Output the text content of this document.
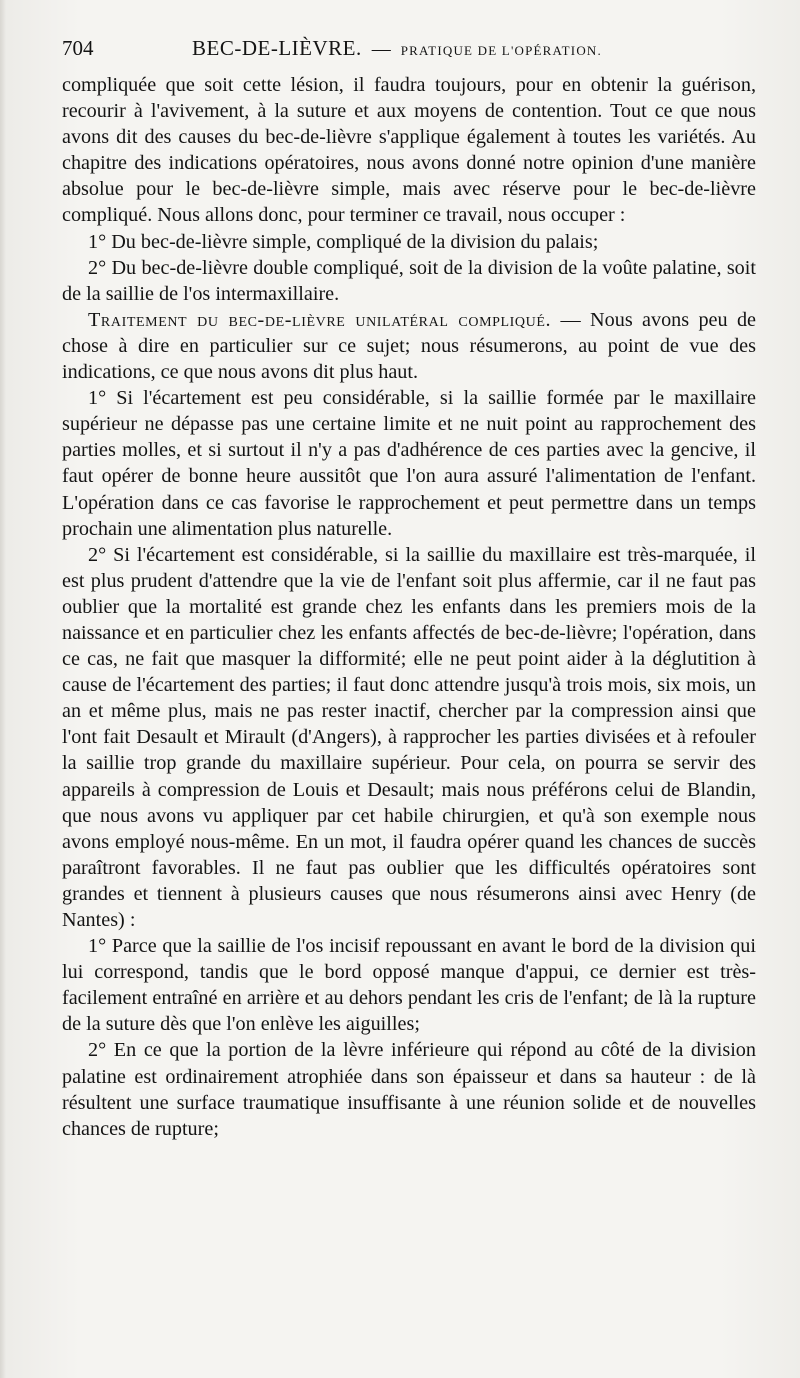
704	BEC-DE-LIÈVRE. — PRATIQUE DE L'OPÉRATION.

compliquée que soit cette lésion, il faudra toujours, pour en obtenir la guérison, recourir à l'avivement, à la suture et aux moyens de contention. Tout ce que nous avons dit des causes du bec-de-lièvre s'applique également à toutes les variétés. Au chapitre des indications opératoires, nous avons donné notre opinion d'une manière absolue pour le bec-de-lièvre simple, mais avec réserve pour le bec-de-lièvre compliqué. Nous allons donc, pour terminer ce travail, nous occuper :

1° Du bec-de-lièvre simple, compliqué de la division du palais;

2° Du bec-de-lièvre double compliqué, soit de la division de la voûte palatine, soit de la saillie de l'os intermaxillaire.

Traitement du bec-de-lièvre unilatéral compliqué. — Nous avons peu de chose à dire en particulier sur ce sujet; nous résumerons, au point de vue des indications, ce que nous avons dit plus haut.

1° Si l'écartement est peu considérable, si la saillie formée par le maxillaire supérieur ne dépasse pas une certaine limite et ne nuit point au rapprochement des parties molles, et si surtout il n'y a pas d'adhérence de ces parties avec la gencive, il faut opérer de bonne heure aussitôt que l'on aura assuré l'alimentation de l'enfant. L'opération dans ce cas favorise le rapprochement et peut permettre dans un temps prochain une alimentation plus naturelle.

2° Si l'écartement est considérable, si la saillie du maxillaire est très-marquée, il est plus prudent d'attendre que la vie de l'enfant soit plus affermie, car il ne faut pas oublier que la mortalité est grande chez les enfants dans les premiers mois de la naissance et en particulier chez les enfants affectés de bec-de-lièvre; l'opération, dans ce cas, ne fait que masquer la difformité; elle ne peut point aider à la déglutition à cause de l'écartement des parties; il faut donc attendre jusqu'à trois mois, six mois, un an et même plus, mais ne pas rester inactif, chercher par la compression ainsi que l'ont fait Desault et Mirault (d'Angers), à rapprocher les parties divisées et à refouler la saillie trop grande du maxillaire supérieur. Pour cela, on pourra se servir des appareils à compression de Louis et Desault; mais nous préférons celui de Blandin, que nous avons vu appliquer par cet habile chirurgien, et qu'à son exemple nous avons employé nous-même. En un mot, il faudra opérer quand les chances de succès paraîtront favorables. Il ne faut pas oublier que les difficultés opératoires sont grandes et tiennent à plusieurs causes que nous résumerons ainsi avec Henry (de Nantes) :

1° Parce que la saillie de l'os incisif repoussant en avant le bord de la division qui lui correspond, tandis que le bord opposé manque d'appui, ce dernier est très-facilement entraîné en arrière et au dehors pendant les cris de l'enfant; de là la rupture de la suture dès que l'on enlève les aiguilles;

2° En ce que la portion de la lèvre inférieure qui répond au côté de la division palatine est ordinairement atrophiée dans son épaisseur et dans sa hauteur : de là résultent une surface traumatique insuffisante à une réunion solide et de nouvelles chances de rupture;
